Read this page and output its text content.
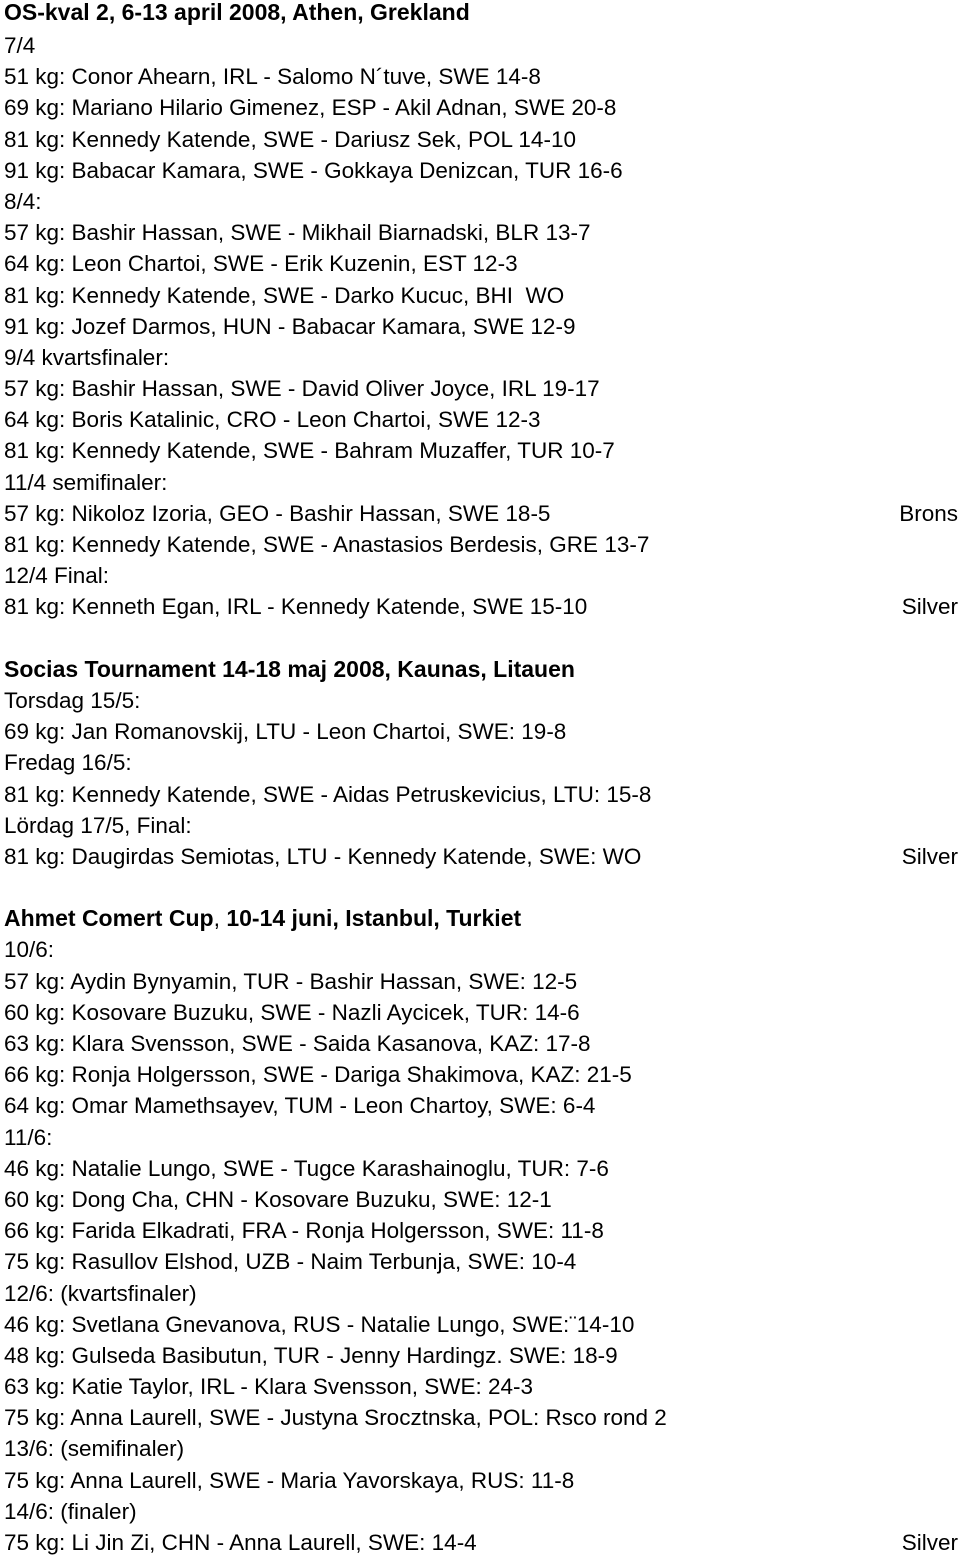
OS-kval 2, 6-13 april 2008, Athen, Grekland
7/4
51 kg: Conor Ahearn, IRL - Salomo N´tuve, SWE 14-8
69 kg: Mariano Hilario Gimenez, ESP - Akil Adnan, SWE 20-8
81 kg: Kennedy Katende, SWE - Dariusz Sek, POL 14-10
91 kg: Babacar Kamara, SWE - Gokkaya Denizcan, TUR 16-6
8/4:
57 kg: Bashir Hassan, SWE - Mikhail Biarnadski, BLR 13-7
64 kg: Leon Chartoi, SWE - Erik Kuzenin, EST 12-3
81 kg: Kennedy Katende, SWE - Darko Kucuc, BHI  WO
91 kg: Jozef Darmos, HUN - Babacar Kamara, SWE 12-9
9/4 kvartsfinaler:
57 kg: Bashir Hassan, SWE - David Oliver Joyce, IRL 19-17
64 kg: Boris Katalinic, CRO - Leon Chartoi, SWE 12-3
81 kg: Kennedy Katende, SWE - Bahram Muzaffer, TUR 10-7
11/4 semifinaler:
57 kg: Nikoloz Izoria, GEO - Bashir Hassan, SWE 18-5	Brons
81 kg: Kennedy Katende, SWE - Anastasios Berdesis, GRE 13-7
12/4 Final:
81 kg: Kenneth Egan, IRL - Kennedy Katende, SWE 15-10	Silver
Socias Tournament 14-18 maj 2008, Kaunas, Litauen
Torsdag 15/5:
69 kg: Jan Romanovskij, LTU - Leon Chartoi, SWE: 19-8
Fredag 16/5:
81 kg: Kennedy Katende, SWE - Aidas Petruskevicius, LTU: 15-8
Lördag 17/5, Final:
81 kg: Daugirdas Semiotas, LTU - Kennedy Katende, SWE: WO	Silver
Ahmet Comert Cup, 10-14 juni, Istanbul, Turkiet
10/6:
57 kg: Aydin Bynyamin, TUR - Bashir Hassan, SWE: 12-5
60 kg: Kosovare Buzuku, SWE - Nazli Aycicek, TUR: 14-6
63 kg: Klara Svensson, SWE - Saida Kasanova, KAZ: 17-8
66 kg: Ronja Holgersson, SWE - Dariga Shakimova, KAZ: 21-5
64 kg: Omar Mamethsayev, TUM - Leon Chartoy, SWE: 6-4
11/6:
46 kg: Natalie Lungo, SWE - Tugce Karashainoglu, TUR: 7-6
60 kg: Dong Cha, CHN - Kosovare Buzuku, SWE: 12-1
66 kg: Farida Elkadrati, FRA - Ronja Holgersson, SWE: 11-8
75 kg: Rasullov Elshod, UZB - Naim Terbunja, SWE: 10-4
12/6: (kvartsfinaler)
46 kg: Svetlana Gnevanova, RUS - Natalie Lungo, SWE:¨14-10
48 kg: Gulseda Basibutun, TUR - Jenny Hardingz. SWE: 18-9
63 kg: Katie Taylor, IRL - Klara Svensson, SWE: 24-3
75 kg: Anna Laurell, SWE - Justyna Srocztnska, POL: Rsco rond 2
13/6: (semifinaler)
75 kg: Anna Laurell, SWE - Maria Yavorskaya, RUS: 11-8
14/6: (finaler)
75 kg: Li Jin Zi, CHN - Anna Laurell, SWE: 14-4	Silver
